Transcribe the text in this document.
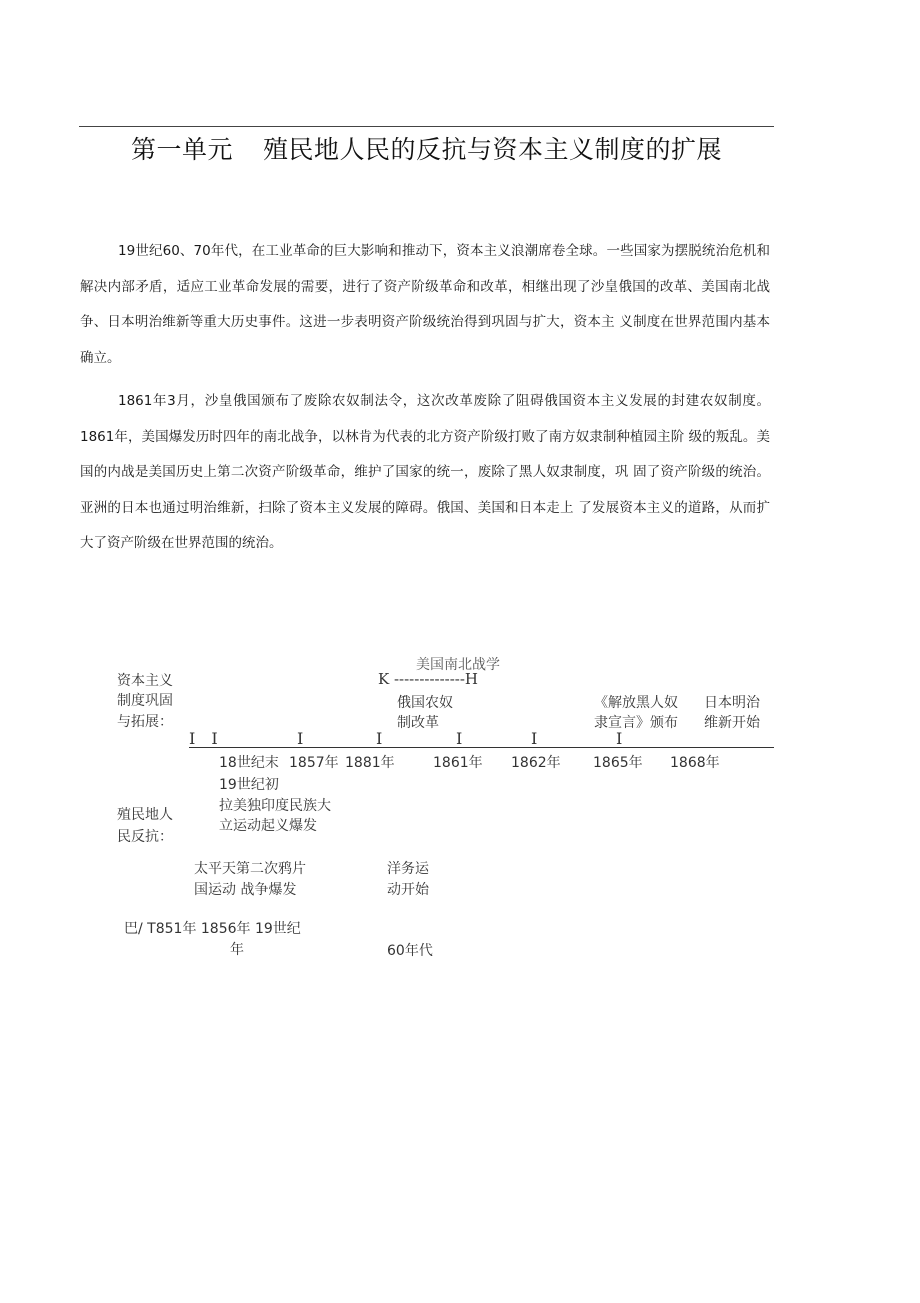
第一单元 殖民地人民的反抗与资本主义制度的扩展

19世纪60、70年代，在工业革命的巨大影响和推动下，资本主义浪潮席卷全球。一些国家为摆脱统治危机和解决内部矛盾，适应工业革命发展的需要，进行了资产阶级革命和改革，相继出现了沙皇俄国的改革、美国南北战争、日本明治维新等重大历史事件。这进一步表明资产阶级统治得到巩固与扩大，资本主 义制度在世界范围内基本确立。

1861年3月，沙皇俄国颁布了废除农奴制法令，这次改革废除了阻碍俄国资本主义发展的封建农奴制度。1861年，美国爆发历时四年的南北战争，以林肯为代表的北方资产阶级打败了南方奴隶制种植园主阶 级的叛乱。美国的内战是美国历史上第二次资产阶级革命，维护了国家的统一，废除了黑人奴隶制度，巩 固了资产阶级的统治。亚洲的日本也通过明治维新，扫除了资本主义发展的障碍。俄国、美国和日本走上 了发展资本主义的道路，从而扩大了资产阶级在世界范围的统治。

资本主义
制度巩固
与拓展：
美国南北战学
K --------------H
俄国农奴
制改革
《解放黑人奴
隶宣言》颁布
日本明治
维新开始
I__I	I	I	I	I	I
18世纪末 1857年 1881年	1861年 1862年 1865年 1868年
19世纪初
拉美独印度民族大
立运动起义爆发
殖民地人
民反抗：
太平天第二次鸦片
国运动 战争爆发
洋务运
动开始
巴/ T851年 1856年 19世纪
年	60年代
